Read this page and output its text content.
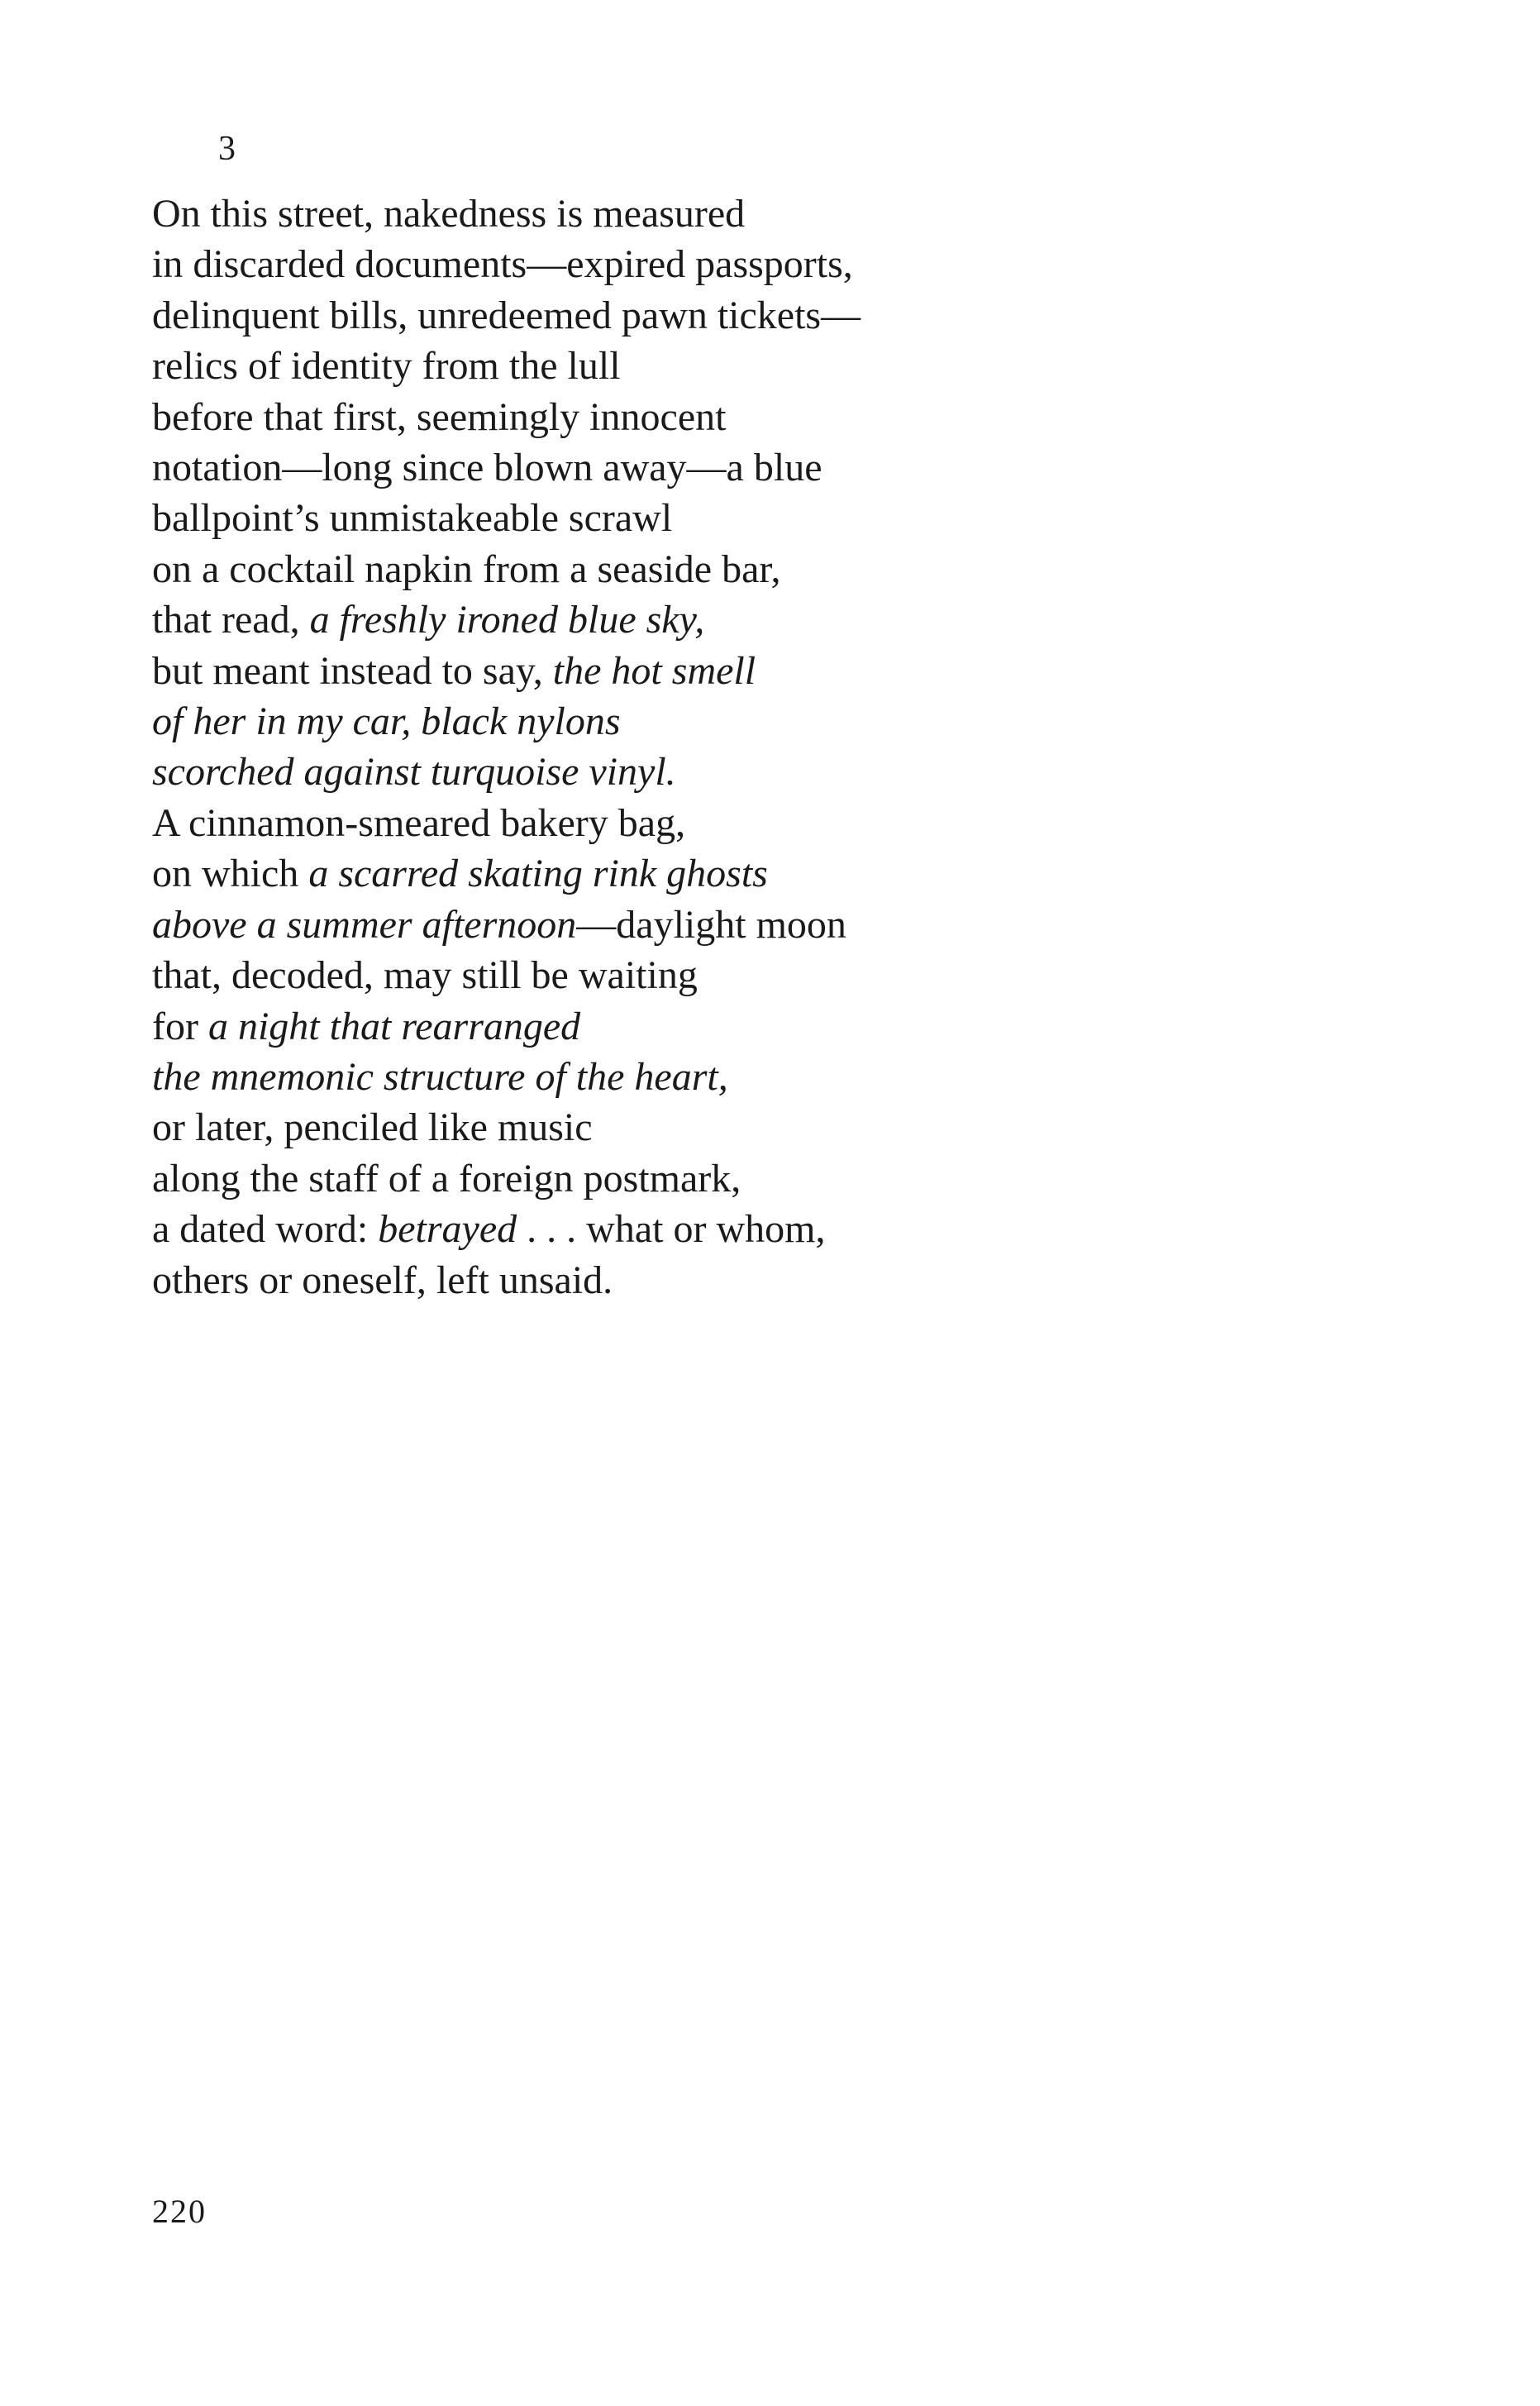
3
On this street, nakedness is measured
in discarded documents—expired passports,
delinquent bills, unredeemed pawn tickets—
relics of identity from the lull
before that first, seemingly innocent
notation—long since blown away—a blue
ballpoint’s unmistakeable scrawl
on a cocktail napkin from a seaside bar,
that read, a freshly ironed blue sky,
but meant instead to say, the hot smell
of her in my car, black nylons
scorched against turquoise vinyl.
A cinnamon-smeared bakery bag,
on which a scarred skating rink ghosts
above a summer afternoon—daylight moon
that, decoded, may still be waiting
for a night that rearranged
the mnemonic structure of the heart,
or later, penciled like music
along the staff of a foreign postmark,
a dated word: betrayed . . . what or whom,
others or oneself, left unsaid.
220
